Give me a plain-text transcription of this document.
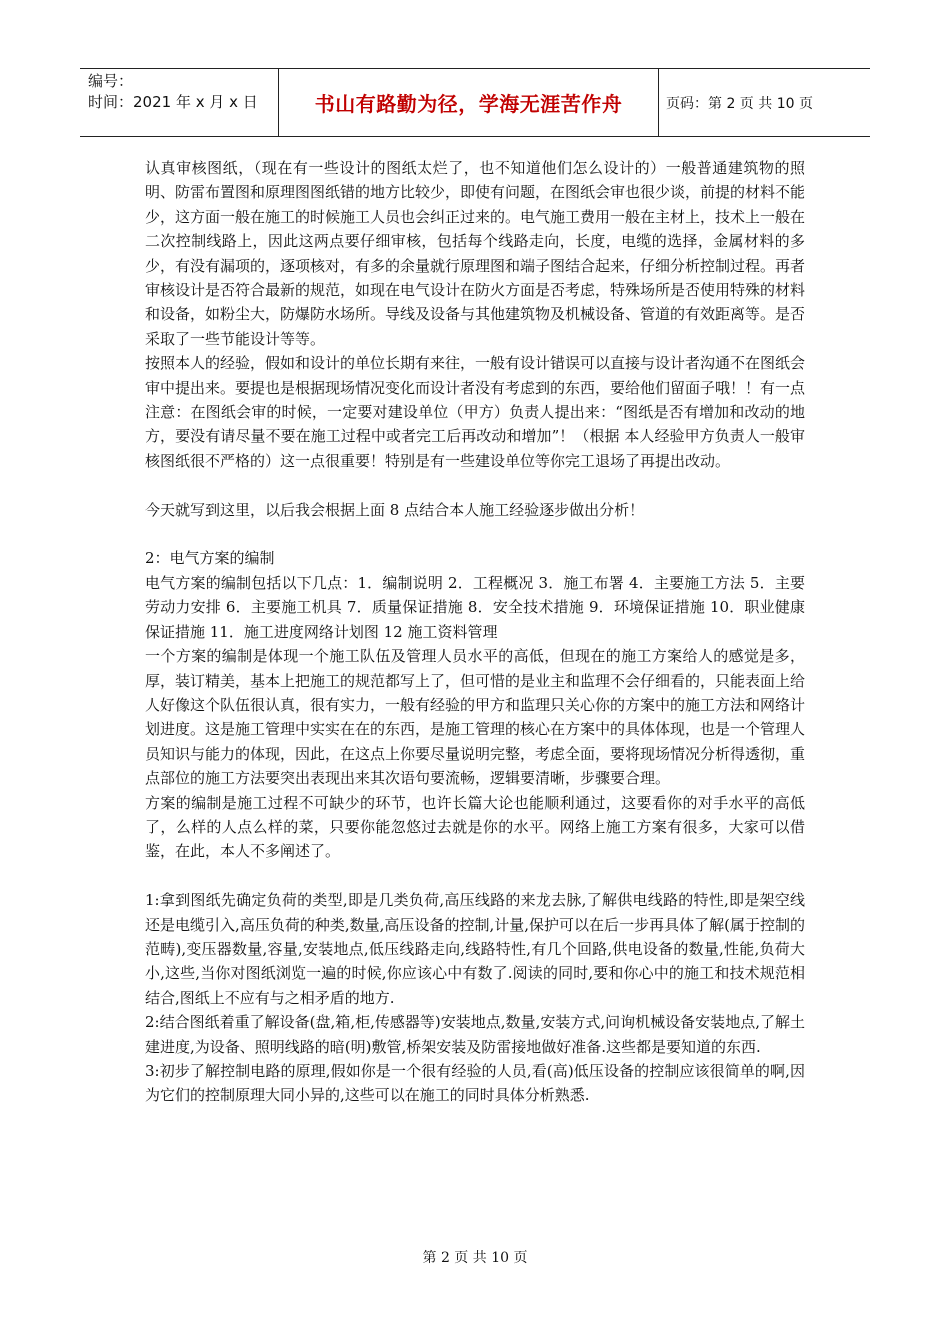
编号：
时间：2021 年 x 月 x 日	书山有路勤为径，学海无涯苦作舟	页码：第 2 页 共 10 页

认真审核图纸，（现在有一些设计的图纸太烂了，也不知道他们怎么设计的）一般普通建筑物的照明、防雷布置图和原理图图纸错的地方比较少，即使有问题，在图纸会审也很少谈，前提的材料不能少，这方面一般在施工的时候施工人员也会纠正过来的。电气施工费用一般在主材上，技术上一般在二次控制线路上，因此这两点要仔细审核，包括每个线路走向，长度，电缆的选择，金属材料的多少，有没有漏项的，逐项核对，有多的余量就行原理图和端子图结合起来，仔细分析控制过程。再者审核设计是否符合最新的规范，如现在电气设计在防火方面是否考虑，特殊场所是否使用特殊的材料和设备，如粉尘大，防爆防水场所。导线及设备与其他建筑物及机械设备、管道的有效距离等。是否采取了一些节能设计等等。

按照本人的经验，假如和设计的单位长期有来往，一般有设计错误可以直接与设计者沟通不在图纸会审中提出来。要提也是根据现场情况变化而设计者没有考虑到的东西，要给他们留面子哦！！有一点注意：在图纸会审的时候，一定要对建设单位（甲方）负责人提出来：“图纸是否有增加和改动的地方，要没有请尽量不要在施工过程中或者完工后再改动和增加”！（根据 本人经验甲方负责人一般审核图纸很不严格的）这一点很重要！特别是有一些建设单位等你完工退场了再提出改动。

今天就写到这里，以后我会根据上面 8 点结合本人施工经验逐步做出分析！

2：电气方案的编制

电气方案的编制包括以下几点：1．编制说明 2．工程概况 3．施工布署 4．主要施工方法 5．主要劳动力安排 6．主要施工机具 7．质量保证措施 8．安全技术措施 9．环境保证措施 10．职业健康保证措施 11．施工进度网络计划图 12 施工资料管理

一个方案的编制是体现一个施工队伍及管理人员水平的高低，但现在的施工方案给人的感觉是多，厚，装订精美，基本上把施工的规范都写上了，但可惜的是业主和监理不会仔细看的，只能表面上给人好像这个队伍很认真，很有实力，一般有经验的甲方和监理只关心你的方案中的施工方法和网络计划进度。这是施工管理中实实在在的东西，是施工管理的核心在方案中的具体体现，也是一个管理人员知识与能力的体现，因此，在这点上你要尽量说明完整，考虑全面，要将现场情况分析得透彻，重点部位的施工方法要突出表现出来其次语句要流畅，逻辑要清晰，步骤要合理。

方案的编制是施工过程不可缺少的环节，也许长篇大论也能顺利通过，这要看你的对手水平的高低了，么样的人点么样的菜，只要你能忽悠过去就是你的水平。网络上施工方案有很多，大家可以借鉴，在此，本人不多阐述了。

1:拿到图纸先确定负荷的类型,即是几类负荷,高压线路的来龙去脉,了解供电线路的特性,即是架空线还是电缆引入,高压负荷的种类,数量,高压设备的控制,计量,保护可以在后一步再具体了解(属于控制的范畴),变压器数量,容量,安装地点,低压线路走向,线路特性,有几个回路,供电设备的数量,性能,负荷大小,这些,当你对图纸浏览一遍的时候,你应该心中有数了.阅读的同时,要和你心中的施工和技术规范相结合,图纸上不应有与之相矛盾的地方.

2:结合图纸着重了解设备(盘,箱,柜,传感器等)安装地点,数量,安装方式,问询机械设备安装地点,了解土建进度,为设备、照明线路的暗(明)敷管,桥架安装及防雷接地做好准备.这些都是要知道的东西.

3:初步了解控制电路的原理,假如你是一个很有经验的人员,看(高)低压设备的控制应该很简单的啊,因为它们的控制原理大同小异的,这些可以在施工的同时具体分析熟悉.

第 2 页 共 10 页
